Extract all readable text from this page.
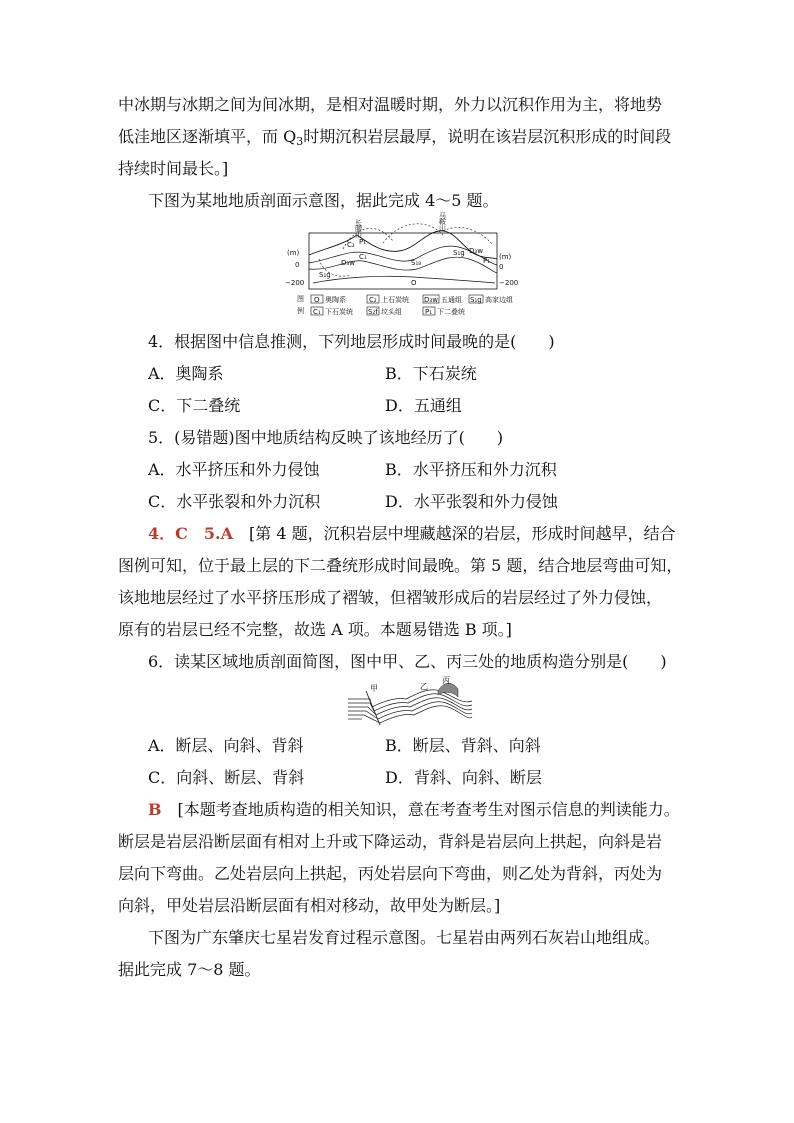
中冰期与冰期之间为间冰期，是相对温暖时期，外力以沉积作用为主，将地势
低洼地区逐渐填平，而 $Q_3$时期沉积岩层最厚，说明在该岩层沉积形成的时间段
持续时间最长。]
下图为某地地质剖面示意图，据此完成 4～5 题。
(m)
0
−200
(m)
0
−200
长
腰
山
马
鞍
山
C₂ P₁
C₁
D₃w
S₁g
S₁₈
O
S₁g D₃w
P₁
图
例
O 奥陶系	C₂ 上石炭统 D₃w 五通组 S₁g 高家边组
C₁ 下石炭统 S₂f 坟头组	P₁ 下二叠统
4．根据图中信息推测，下列地层形成时间最晚的是(　　)
A．奥陶系	B．下石炭统
C．下二叠统	D．五通组
5．(易错题)图中地质结构反映了该地经历了(　　)
A．水平挤压和外力侵蚀	B．水平挤压和外力沉积
C．水平张裂和外力沉积	D．水平张裂和外力侵蚀
4．C　5.A　 [第 4 题，沉积岩层中埋藏越深的岩层，形成时间越早，结合
图例可知，位于最上层的下二叠统形成时间最晚。第 5 题，结合地层弯曲可知，
该地地层经过了水平挤压形成了褶皱，但褶皱形成后的岩层经过了外力侵蚀，
原有的岩层已经不完整，故选 A 项。本题易错选 B 项。]
6．读某区域地质剖面简图，图中甲、乙、丙三处的地质构造分别是(　　)
甲	乙
丙
A．断层、向斜、背斜	B．断层、背斜、向斜
C．向斜、断层、背斜	D．背斜、向斜、断层
B　 [本题考查地质构造的相关知识，意在考查考生对图示信息的判读能力。
断层是岩层沿断层面有相对上升或下降运动，背斜是岩层向上拱起，向斜是岩
层向下弯曲。乙处岩层向上拱起，丙处岩层向下弯曲，则乙处为背斜，丙处为
向斜，甲处岩层沿断层面有相对移动，故甲处为断层。]
下图为广东肇庆七星岩发育过程示意图。七星岩由两列石灰岩山地组成。
据此完成 7～8 题。
